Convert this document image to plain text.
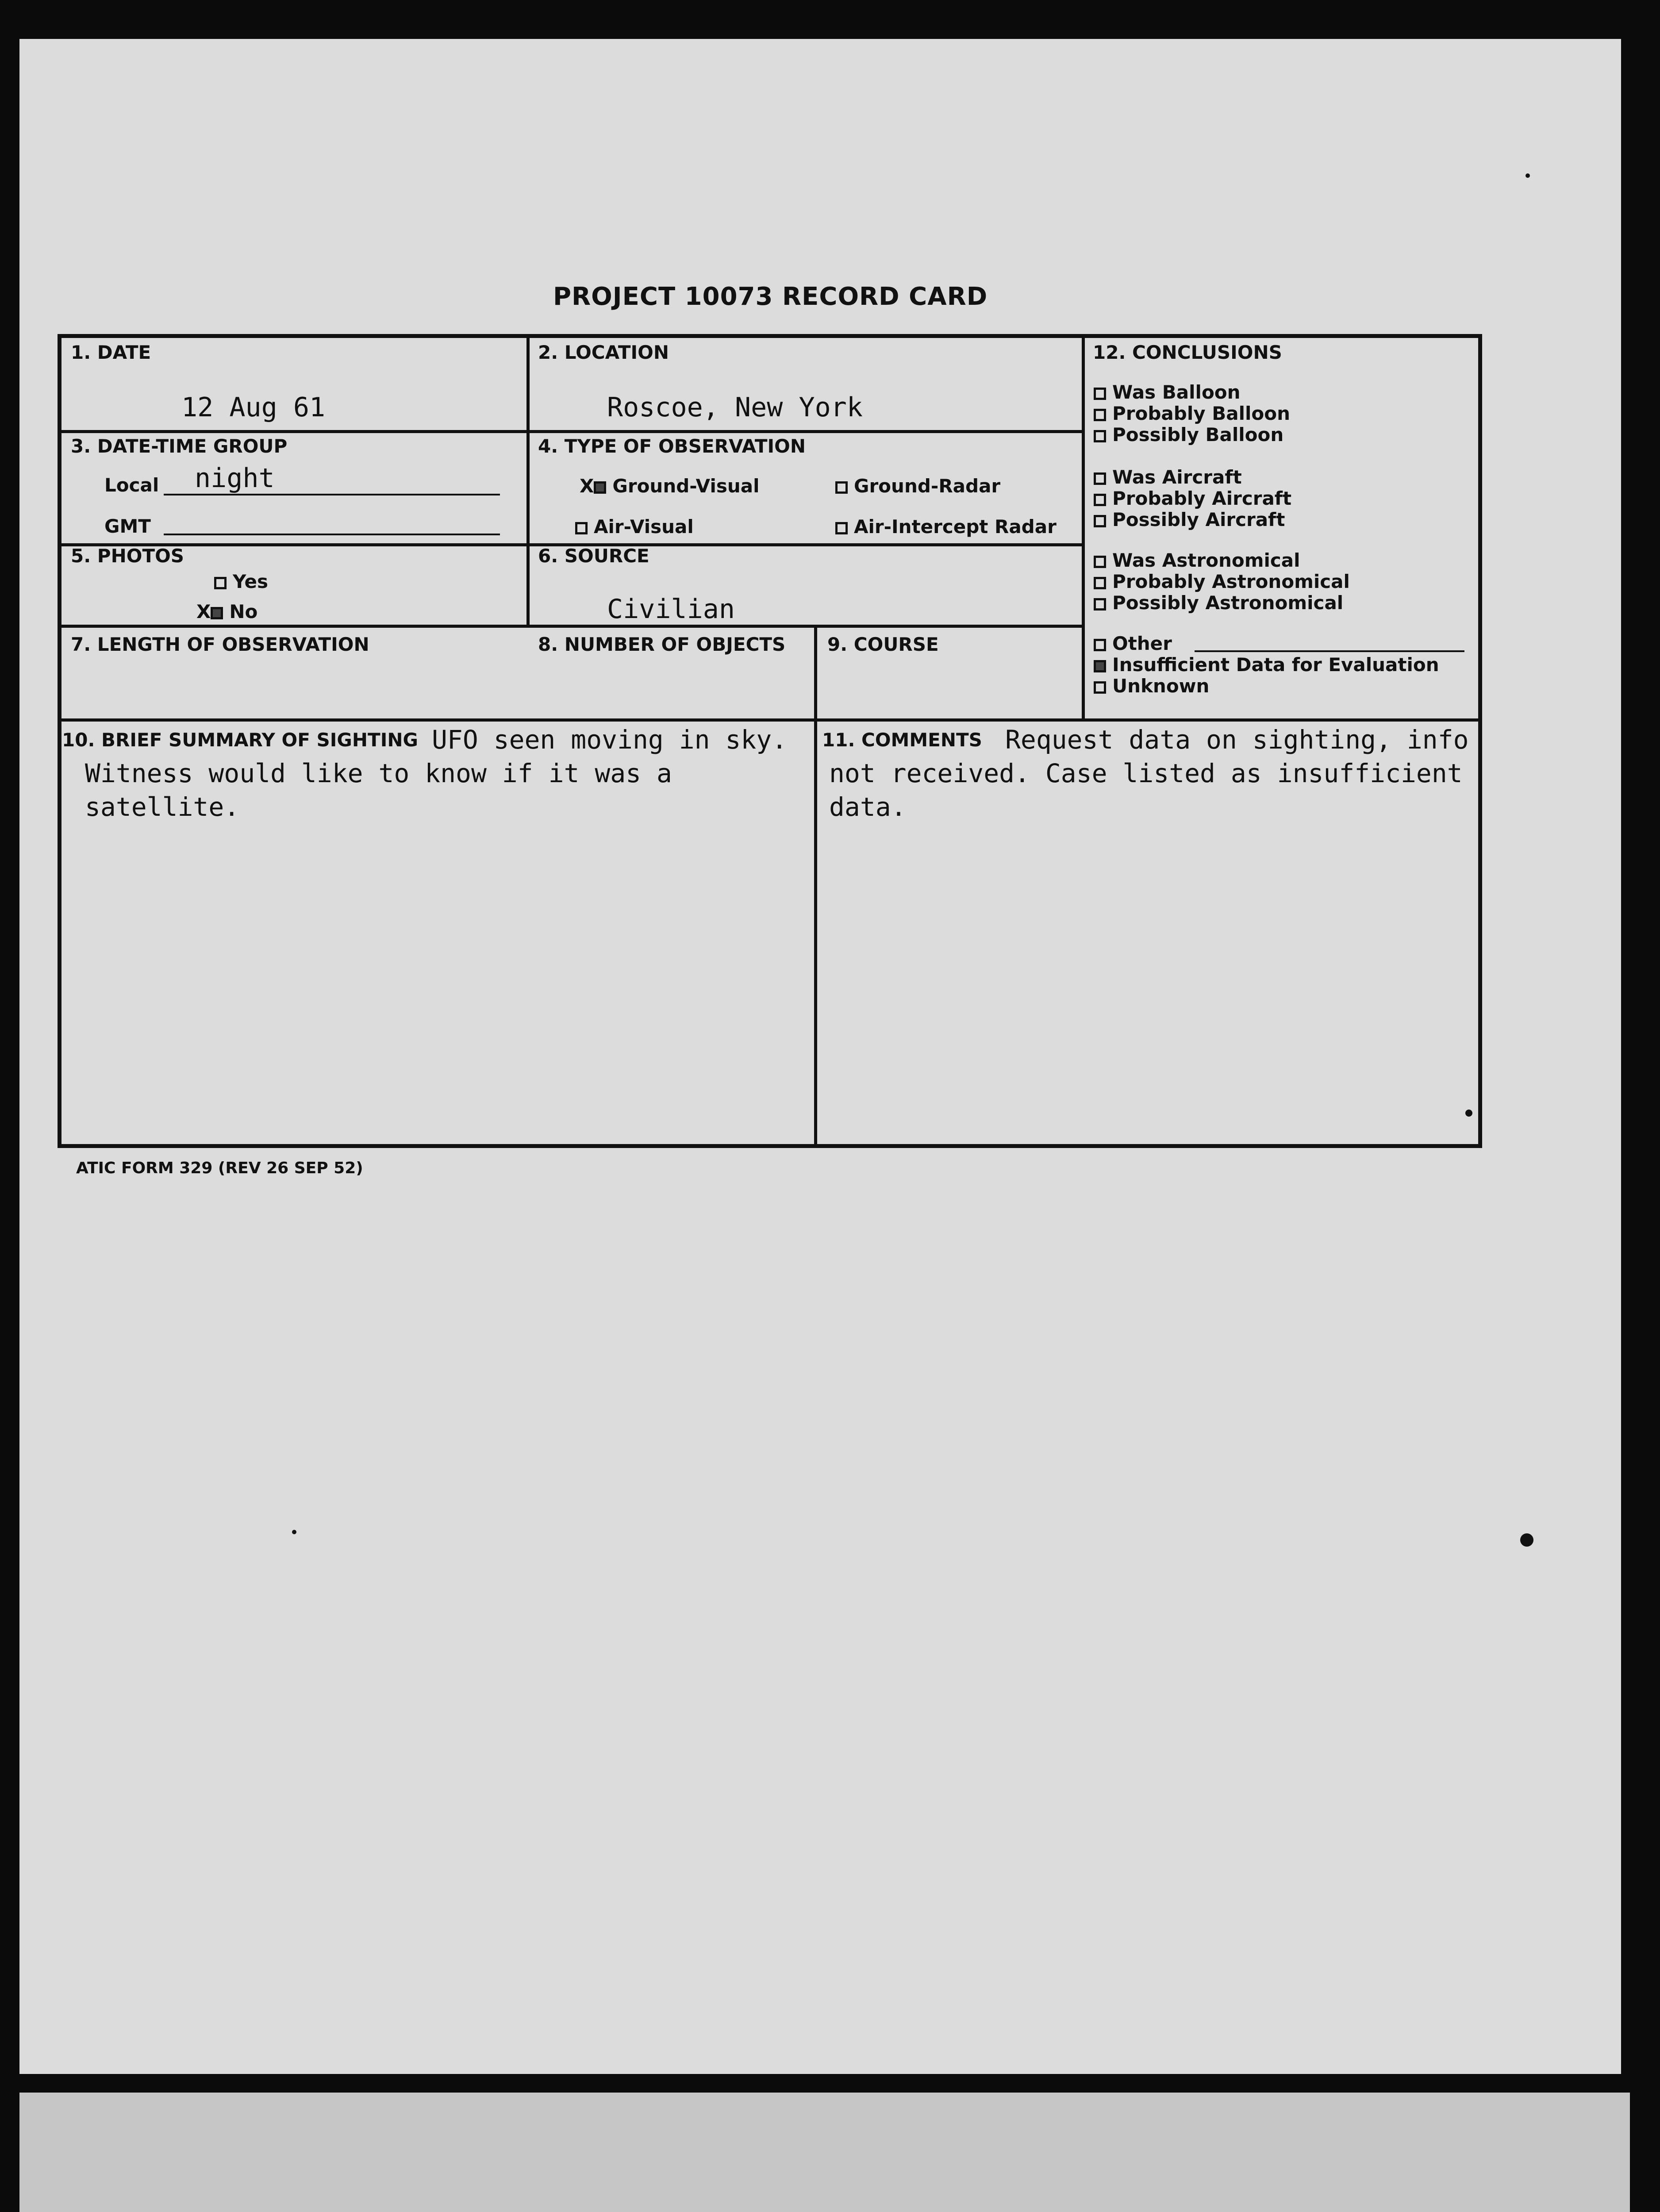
PROJECT 10073 RECORD CARD
1. DATE
12 Aug 61
2. LOCATION
Roscoe, New York
3. DATE-TIME GROUP
Local night
GMT
4. TYPE OF OBSERVATION
X Ground-Visual	Ground-Radar
Air-Visual	Air-Intercept Radar
5. PHOTOS
Yes
X No
6. SOURCE
Civilian
7. LENGTH OF OBSERVATION	8. NUMBER OF OBJECTS 9. COURSE
10. BRIEF SUMMARY OF SIGHTING UFO seen moving in sky.
Witness would like to know if it was a
satellite.
11. COMMENTS Request data on sighting, info
not received. Case listed as insufficient
data.
12. CONCLUSIONS
Was Balloon
Probably Balloon
Possibly Balloon
Was Aircraft
Probably Aircraft
Possibly Aircraft
Was Astronomical
Probably Astronomical
Possibly Astronomical
Other
Insufficient Data for Evaluation
Unknown
ATIC FORM 329 (REV 26 SEP 52)
